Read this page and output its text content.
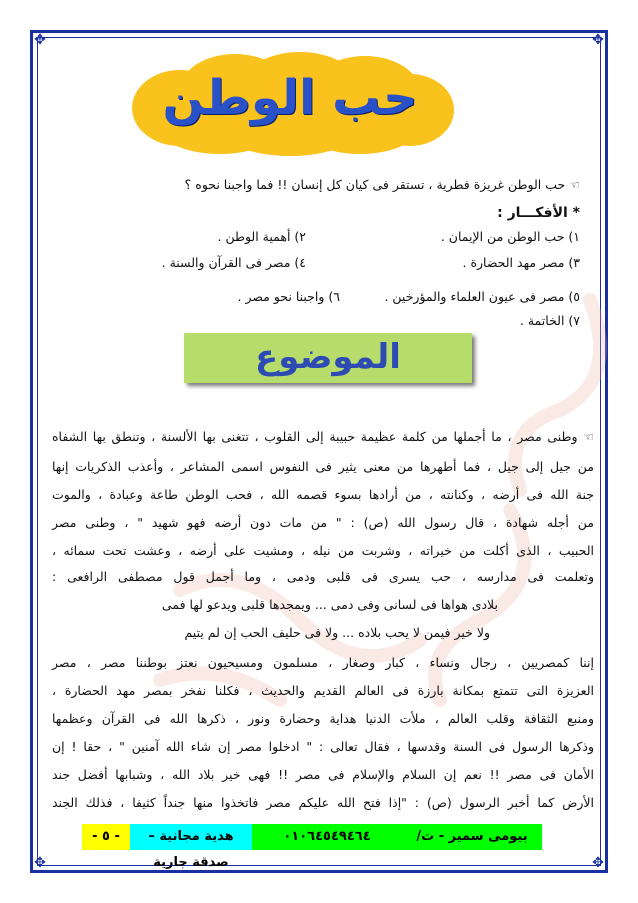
✥	✥
✥	✥
حب الوطن
☜ حب الوطن غريزة فطرية ، تستقر فى كيان كل إنسان !! فما واجبنا نحوه ؟
* الأفكـــار :
١) حب الوطن من الإيمان .
٢) أهمية الوطن .
٣) مصر مهد الحضارة .
٤) مصر فى القرآن والسنة .
٥) مصر فى عيون العلماء والمؤرخين .
٦) واجبنا نحو مصر .
٧) الخاتمة .
الموضوع
☜ وطنى مصر ، ما أجملها من كلمة عظيمة حبيبة إلى القلوب ، تتغنى بها الألسنة ، وتنطق بها الشفاه
من جيل إلى جيل ، فما أطهرها من معنى يثير فى النفوس اسمى المشاعر ، وأعذب الذكريات إنها
جنة الله فى أرضه ، وكنانته ، من أرادها بسوء قصمه الله ، فحب الوطن طاعة وعبادة ، والموت
من أجله شهادة ، قال رسول الله (ص) : " من مات دون أرضه فهو شهيد " ، وطنى مصر
الحبيب ، الذى أكلت من خيراته ، وشربت من نيله ، ومشيت على أرضه ، وعشت تحت سمائه ،
وتعلمت فى مدارسه ، حب يسرى فى قلبى ودمى ، وما أجمل قول مصطفى الرافعى :
بلادى هواها فى لسانى وفى دمى ... ويمجدها قلبى ويدعو لها فمى
ولا خير فيمن لا يحب بلاده ... ولا فى حليف الحب إن لم يتيم
إننا كمصريين ، رجال ونساء ، كبار وصغار ، مسلمون ومسيحيون نعتز بوطننا مصر ، مصر
العزيزة التى تتمتع بمكانة بارزة فى العالم القديم والحديث ، فكلنا نفخر بمصر مهد الحضارة ،
ومنبع الثقافة وقلب العالم ، ملأت الدنيا هداية وحضارة ونور ، ذكرها الله فى القرآن وعظمها
وذكرها الرسول فى السنة وقدسها ، فقال تعالى : " ادخلوا مصر إن شاء الله آمنين " ، حقا ! إن
الأمان فى مصر !! نعم إن السلام والإسلام فى مصر !! فهى خير بلاد الله ، وشبابها أفضل جند
الأرض كما أخبر الرسول (ص) : "إذا فتح الله عليكم مصر فاتخذوا منها جنداً كثيفا ، فذلك الجند
- ٥ -	هدية مجانية – صدقة جارية
٠١٠٦٤٥٤٩٤٦٤	بيومى سمير - ت/
